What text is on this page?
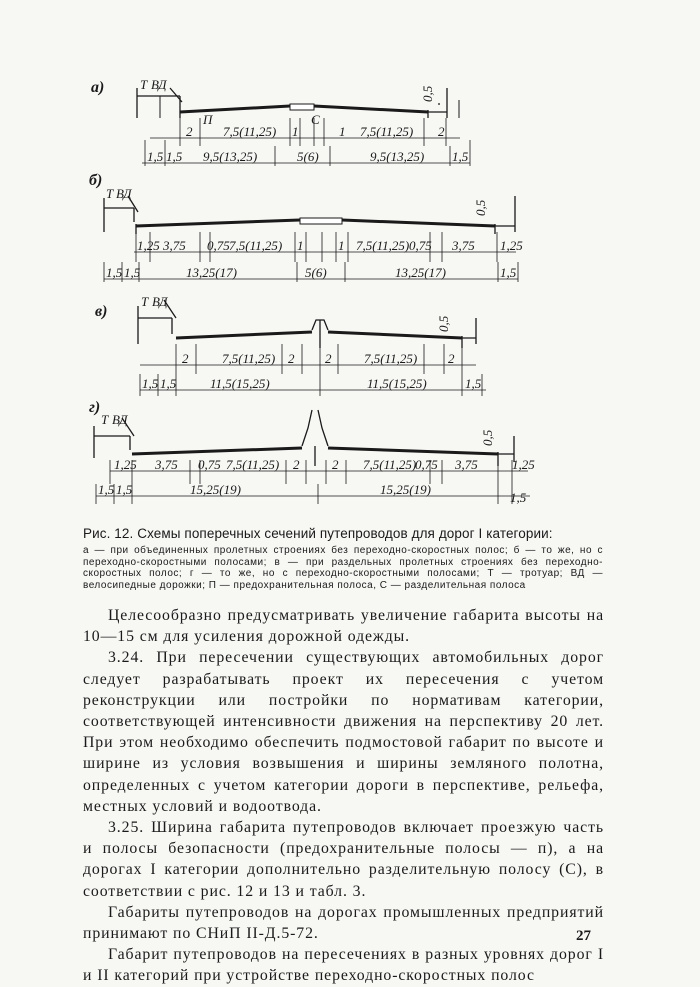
а)	Т ВД
0,5
П	С
2 7,5(11,25) 1	1 7,5(11,25) 2
1,5 1,5 9,5(13,25)	5(6)	9,5(13,25) 1,5
б)
Т ВД
0,5
1,25 3,75 0,75 7,5(11,25) 1	1 7,5(11,25) 0,75 3,75 1,25
1,5 1,5	13,25(17)	5(6)	13,25(17)	1,5
в)
Т ВД
0,5
2	7,5(11,25) 2 2	7,5(11,25) 2
1,5 1,5	11,5(15,25)	11,5(15,25)	1,5
г)
Т ВД
0,5
1,25 3,75 0,75 7,5(11,25) 2	2 7,5(11,25)
0,75 3,75	1,25
1,5 1,5	15,25(19)	15,25(19)
1,5
Рис. 12. Схемы поперечных сечений путепроводов для дорог I категории:
а — при объединенных пролетных строениях без переходно-скоростных полос; б — то же, но с переходно-скоростными полосами; в — при раздельных пролетных строениях без переходно-скоростных полос; г — то же, но с переходно-скоростными полосами; Т — тротуар; ВД — велосипедные дорожки; П — предохранительная полоса, С — разделительная полоса

Целесообразно предусматривать увеличение габарита высоты на 10—15 см для усиления дорожной одежды.

3.24. При пересечении существующих автомобильных дорог следует разрабатывать проект их пересечения с учетом реконструкции или постройки по нормативам категории, соответствующей интенсивности движения на перспективу 20 лет. При этом необходимо обеспечить подмостовой габарит по высоте и ширине из условия возвышения и ширины земляного полотна, определенных с учетом категории дороги в перспективе, рельефа, местных условий и водоотвода.

3.25. Ширина габарита путепроводов включает проезжую часть и полосы безопасности (предохранительные полосы — п), а на дорогах I категории дополнительно разделительную полосу (С), в соответствии с рис. 12 и 13 и табл. 3.

Габариты путепроводов на дорогах промышленных предприятий принимают по СНиП II-Д.5-72.

Габарит путепроводов на пересечениях в разных уровнях дорог I и II категорий при устройстве переходно-скоростных полос

27
